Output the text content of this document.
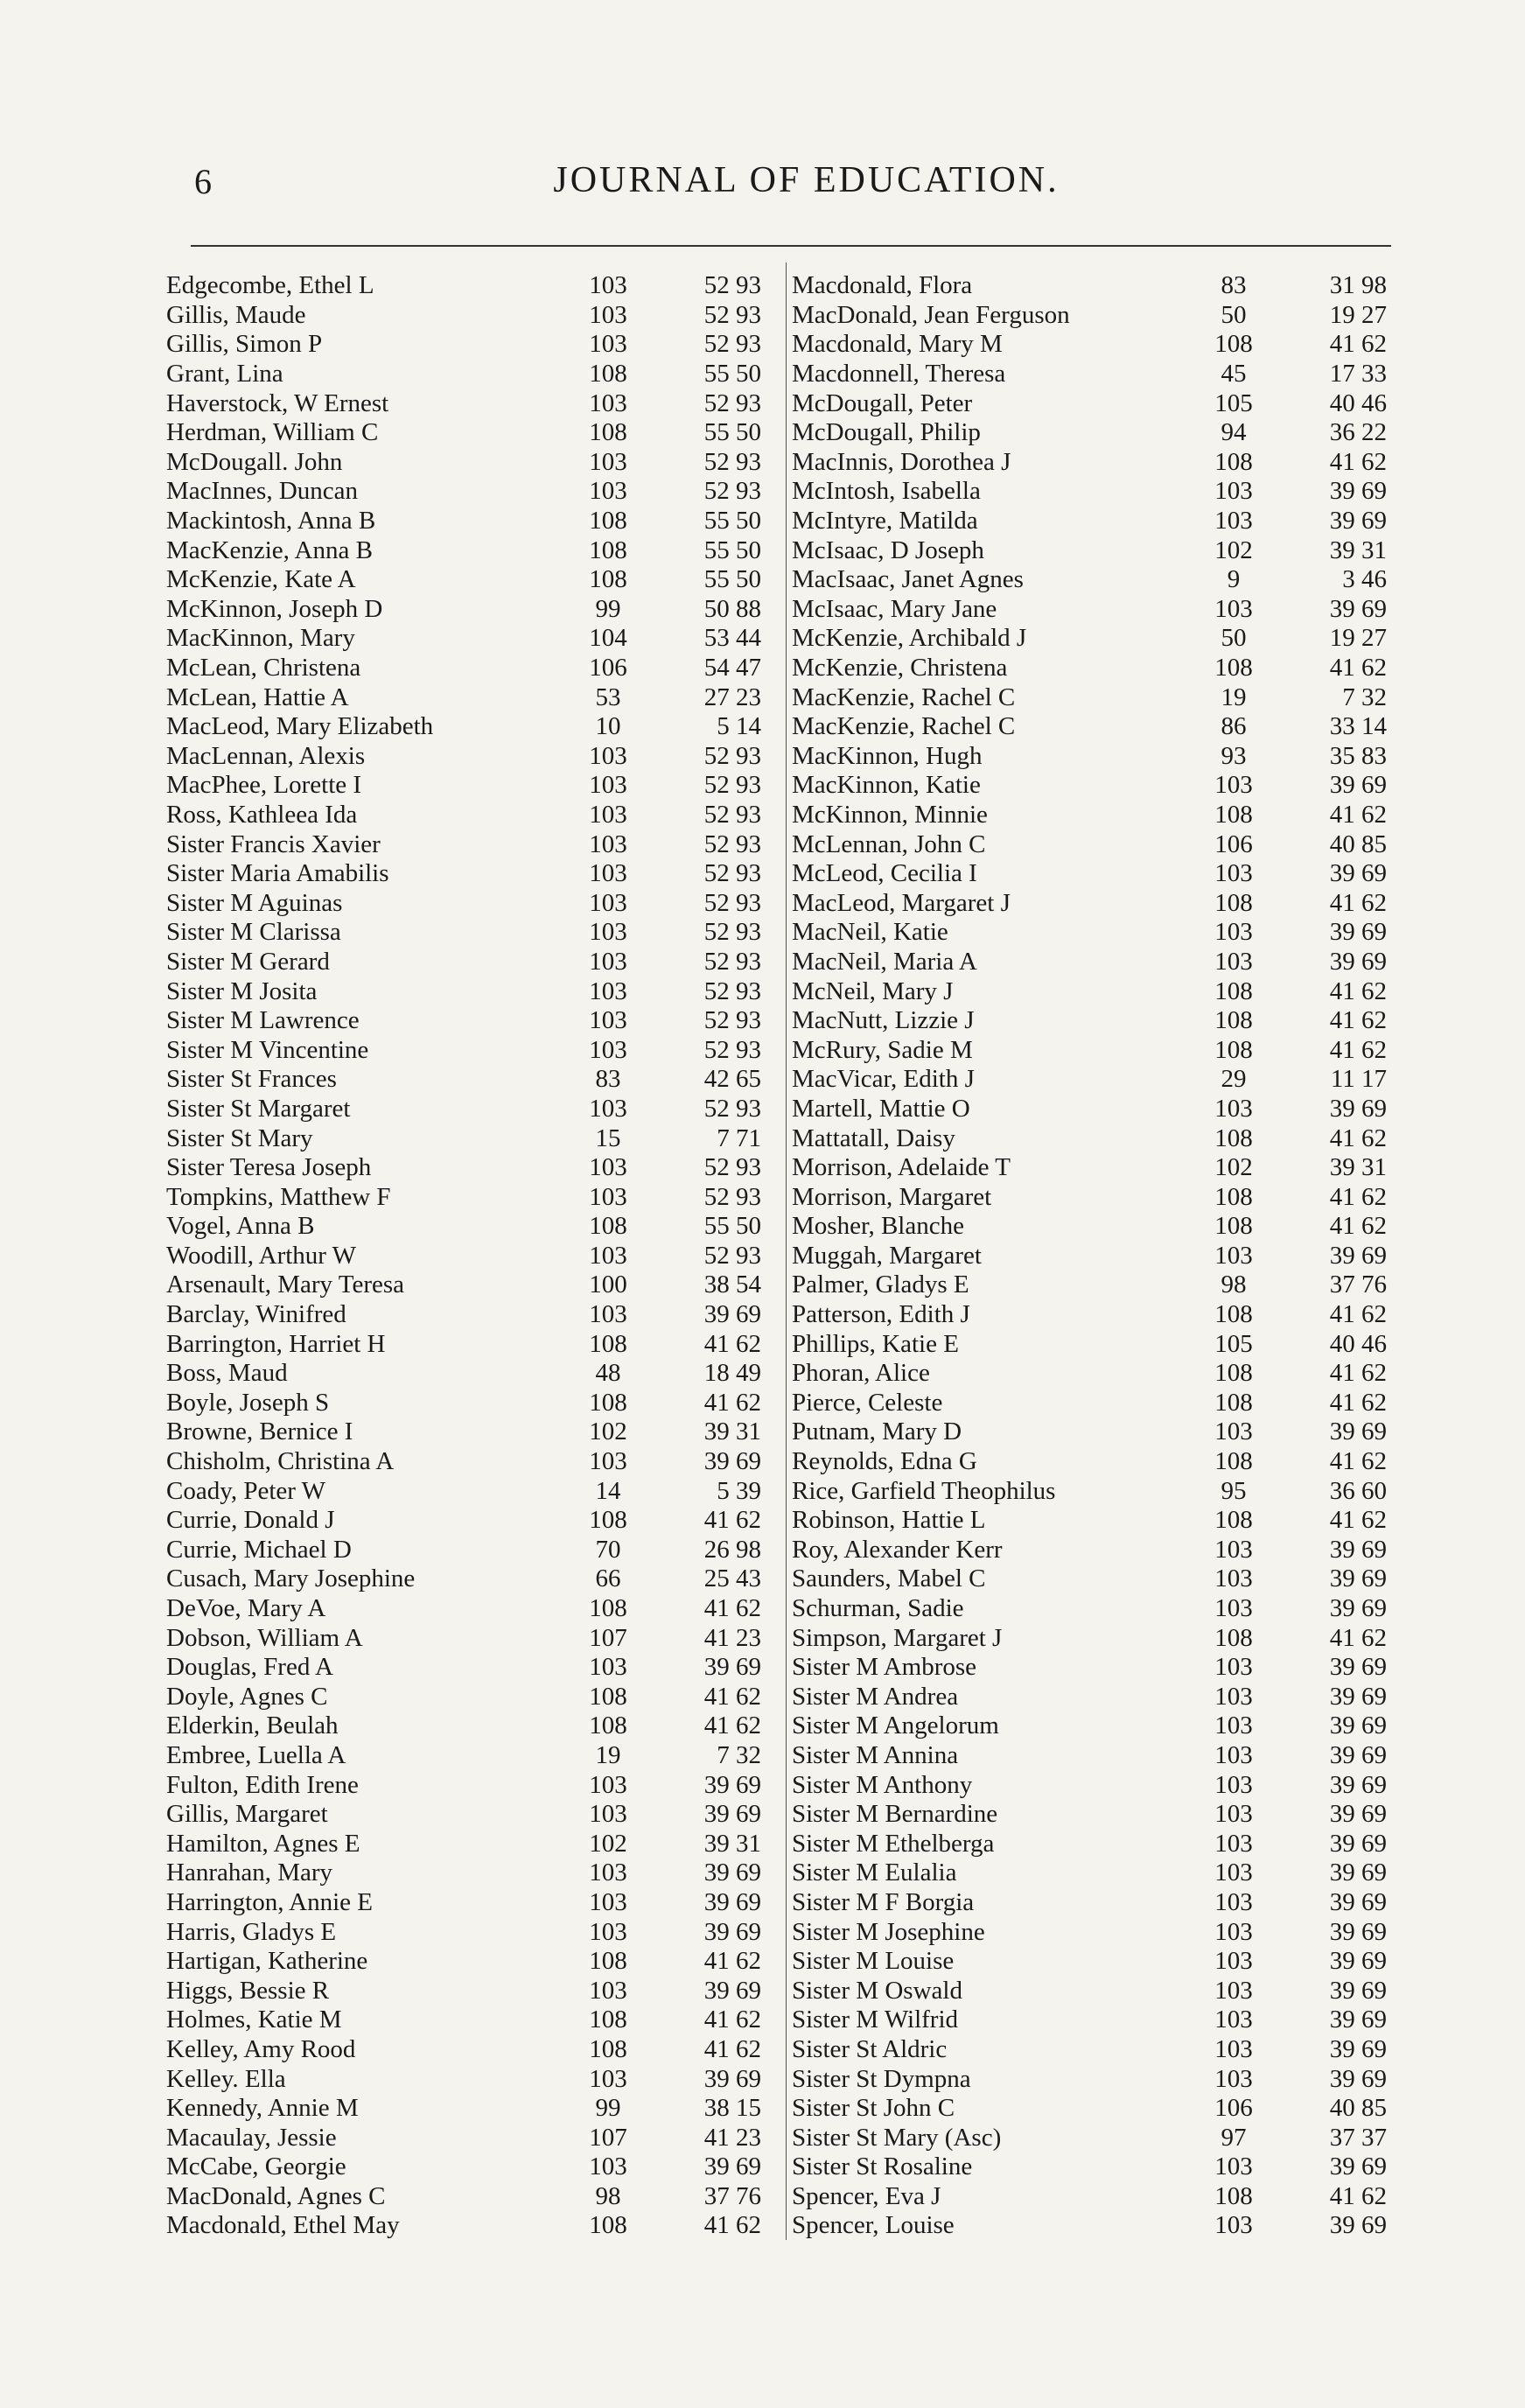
6	JOURNAL OF EDUCATION.
Edgecombe, Ethel L	103	52 93
Gillis, Maude	103	52 93
Gillis, Simon P	103	52 93
Grant, Lina	108	55 50
Haverstock, W Ernest	103	52 93
Herdman, William C	108	55 50
McDougall. John	103	52 93
MacInnes, Duncan	103	52 93
Mackintosh, Anna B	108	55 50
MacKenzie, Anna B	108	55 50
McKenzie, Kate A	108	55 50
McKinnon, Joseph D	99	50 88
MacKinnon, Mary	104	53 44
McLean, Christena	106	54 47
McLean, Hattie A	53	27 23
MacLeod, Mary Elizabeth	10	5 14
MacLennan, Alexis	103	52 93
MacPhee, Lorette I	103	52 93
Ross, Kathleea Ida	103	52 93
Sister Francis Xavier	103	52 93
Sister Maria Amabilis	103	52 93
Sister M Aguinas	103	52 93
Sister M Clarissa	103	52 93
Sister M Gerard	103	52 93
Sister M Josita	103	52 93
Sister M Lawrence	103	52 93
Sister M Vincentine	103	52 93
Sister St Frances	83	42 65
Sister St Margaret	103	52 93
Sister St Mary	15	7 71
Sister Teresa Joseph	103	52 93
Tompkins, Matthew F	103	52 93
Vogel, Anna B	108	55 50
Woodill, Arthur W	103	52 93
Arsenault, Mary Teresa	100	38 54
Barclay, Winifred	103	39 69
Barrington, Harriet H	108	41 62
Boss, Maud	48	18 49
Boyle, Joseph S	108	41 62
Browne, Bernice I	102	39 31
Chisholm, Christina A	103	39 69
Coady, Peter W	14	5 39
Currie, Donald J	108	41 62
Currie, Michael D	70	26 98
Cusach, Mary Josephine	66	25 43
DeVoe, Mary A	108	41 62
Dobson, William A	107	41 23
Douglas, Fred A	103	39 69
Doyle, Agnes C	108	41 62
Elderkin, Beulah	108	41 62
Embree, Luella A	19	7 32
Fulton, Edith Irene	103	39 69
Gillis, Margaret	103	39 69
Hamilton, Agnes E	102	39 31
Hanrahan, Mary	103	39 69
Harrington, Annie E	103	39 69
Harris, Gladys E	103	39 69
Hartigan, Katherine	108	41 62
Higgs, Bessie R	103	39 69
Holmes, Katie M	108	41 62
Kelley, Amy Rood	108	41 62
Kelley. Ella	103	39 69
Kennedy, Annie M	99	38 15
Macaulay, Jessie	107	41 23
McCabe, Georgie	103	39 69
MacDonald, Agnes C	98	37 76
Macdonald, Ethel May	108	41 62
Macdonald, Flora	83	31 98
MacDonald, Jean Ferguson	50	19 27
Macdonald, Mary M	108	41 62
Macdonnell, Theresa	45	17 33
McDougall, Peter	105	40 46
McDougall, Philip	94	36 22
MacInnis, Dorothea J	108	41 62
McIntosh, Isabella	103	39 69
McIntyre, Matilda	103	39 69
McIsaac, D Joseph	102	39 31
MacIsaac, Janet Agnes	9	3 46
McIsaac, Mary Jane	103	39 69
McKenzie, Archibald J	50	19 27
McKenzie, Christena	108	41 62
MacKenzie, Rachel C	19	7 32
MacKenzie, Rachel C	86	33 14
MacKinnon, Hugh	93	35 83
MacKinnon, Katie	103	39 69
McKinnon, Minnie	108	41 62
McLennan, John C	106	40 85
McLeod, Cecilia I	103	39 69
MacLeod, Margaret J	108	41 62
MacNeil, Katie	103	39 69
MacNeil, Maria A	103	39 69
McNeil, Mary J	108	41 62
MacNutt, Lizzie J	108	41 62
McRury, Sadie M	108	41 62
MacVicar, Edith J	29	11 17
Martell, Mattie O	103	39 69
Mattatall, Daisy	108	41 62
Morrison, Adelaide T	102	39 31
Morrison, Margaret	108	41 62
Mosher, Blanche	108	41 62
Muggah, Margaret	103	39 69
Palmer, Gladys E	98	37 76
Patterson, Edith J	108	41 62
Phillips, Katie E	105	40 46
Phoran, Alice	108	41 62
Pierce, Celeste	108	41 62
Putnam, Mary D	103	39 69
Reynolds, Edna G	108	41 62
Rice, Garfield Theophilus	95	36 60
Robinson, Hattie L	108	41 62
Roy, Alexander Kerr	103	39 69
Saunders, Mabel C	103	39 69
Schurman, Sadie	103	39 69
Simpson, Margaret J	108	41 62
Sister M Ambrose	103	39 69
Sister M Andrea	103	39 69
Sister M Angelorum	103	39 69
Sister M Annina	103	39 69
Sister M Anthony	103	39 69
Sister M Bernardine	103	39 69
Sister M Ethelberga	103	39 69
Sister M Eulalia	103	39 69
Sister M F Borgia	103	39 69
Sister M Josephine	103	39 69
Sister M Louise	103	39 69
Sister M Oswald	103	39 69
Sister M Wilfrid	103	39 69
Sister St Aldric	103	39 69
Sister St Dympna	103	39 69
Sister St John C	106	40 85
Sister St Mary (Asc)	97	37 37
Sister St Rosaline	103	39 69
Spencer, Eva J	108	41 62
Spencer, Louise	103	39 69
